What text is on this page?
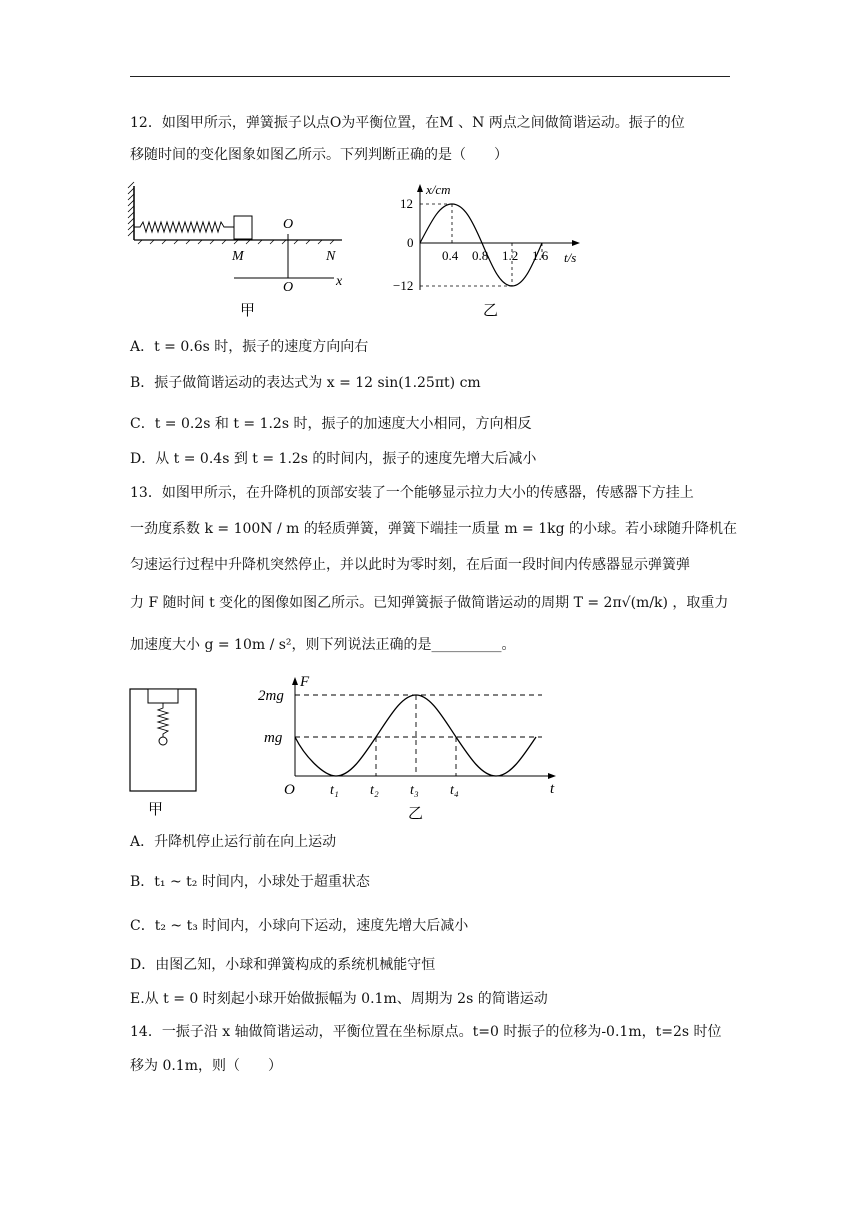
12．如图甲所示，弹簧振子以点O为平衡位置，在M 、N 两点之间做简谐运动。振子的位
移随时间的变化图象如图乙所示。下列判断正确的是（　　）
O
M	N
O	x
甲
x/cm
t/s
12
0
−12
0.4 0.8 1.2 1.6
乙
A．t = 0.6s 时，振子的速度方向向右
B．振子做简谐运动的表达式为 x = 12 sin(1.25πt) cm
C．t = 0.2s 和 t = 1.2s 时，振子的加速度大小相同，方向相反
D．从 t = 0.4s 到 t = 1.2s 的时间内，振子的速度先增大后减小
13．如图甲所示，在升降机的顶部安装了一个能够显示拉力大小的传感器，传感器下方挂上
一劲度系数 k = 100N / m 的轻质弹簧，弹簧下端挂一质量 m = 1kg 的小球。若小球随升降机在
匀速运行过程中升降机突然停止，并以此时为零时刻，在后面一段时间内传感器显示弹簧弹
力 F 随时间 t 变化的图像如图乙所示。已知弹簧振子做简谐运动的周期 T = 2π√(m/k) ，取重力
加速度大小 g = 10m / s²，则下列说法正确的是__________。
甲
F
t
O
2mg
mg
t₁ t₂ t₃ t₄
乙
A．升降机停止运行前在向上运动
B．t₁ ~ t₂ 时间内，小球处于超重状态
C．t₂ ~ t₃ 时间内，小球向下运动，速度先增大后减小
D．由图乙知，小球和弹簧构成的系统机械能守恒
E.从 t = 0 时刻起小球开始做振幅为 0.1m、周期为 2s 的简谐运动
14．一振子沿 x 轴做简谐运动，平衡位置在坐标原点。t=0 时振子的位移为-0.1m，t=2s 时位
移为 0.1m，则（　　）
